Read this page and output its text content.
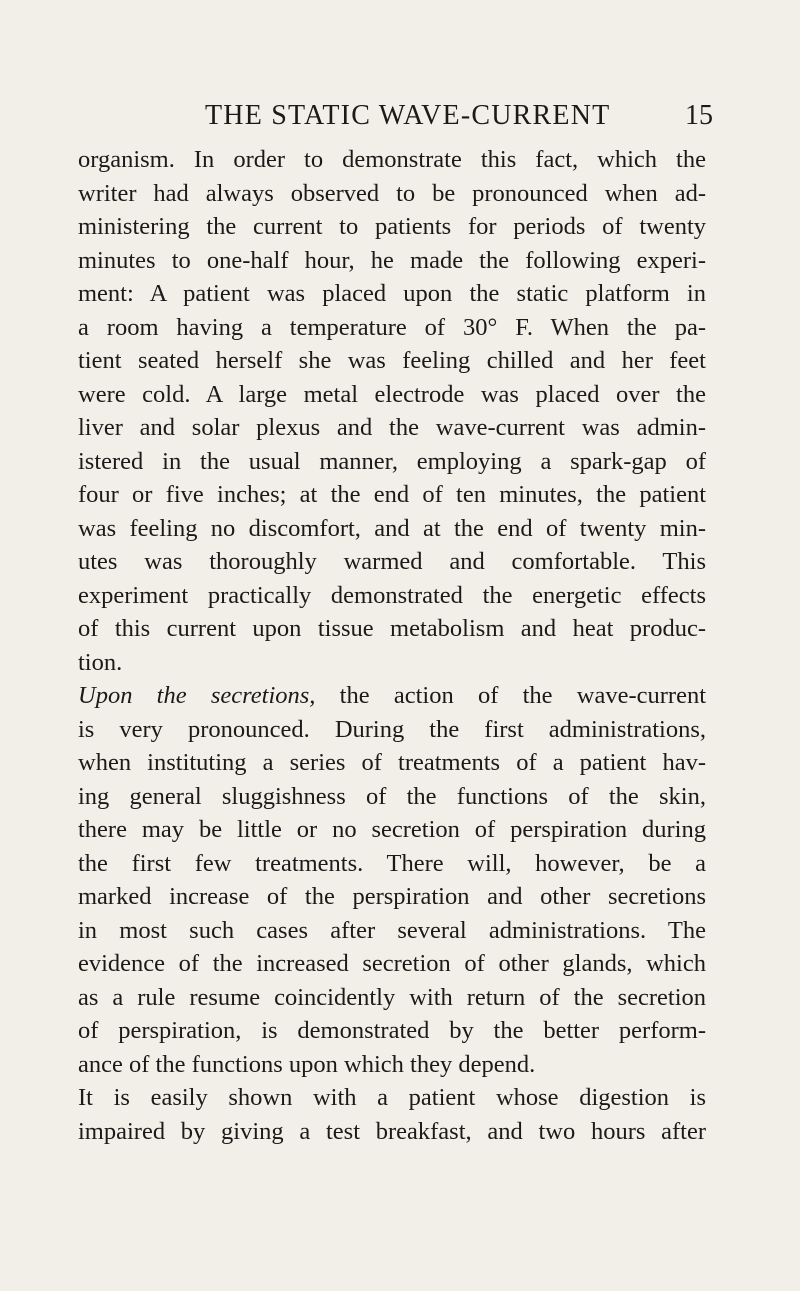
THE STATIC WAVE-CURRENT	15
organism. In order to demonstrate this fact, which the
writer had always observed to be pronounced when ad-
ministering the current to patients for periods of twenty
minutes to one-half hour, he made the following experi-
ment: A patient was placed upon the static platform in
a room having a temperature of 30° F. When the pa-
tient seated herself she was feeling chilled and her feet
were cold. A large metal electrode was placed over the
liver and solar plexus and the wave-current was admin-
istered in the usual manner, employing a spark-gap of
four or five inches; at the end of ten minutes, the patient
was feeling no discomfort, and at the end of twenty min-
utes was thoroughly warmed and comfortable. This
experiment practically demonstrated the energetic effects
of this current upon tissue metabolism and heat produc-
tion.
Upon the secretions, the action of the wave-current
is very pronounced. During the first administrations,
when instituting a series of treatments of a patient hav-
ing general sluggishness of the functions of the skin,
there may be little or no secretion of perspiration during
the first few treatments. There will, however, be a
marked increase of the perspiration and other secretions
in most such cases after several administrations. The
evidence of the increased secretion of other glands, which
as a rule resume coincidently with return of the secretion
of perspiration, is demonstrated by the better perform-
ance of the functions upon which they depend.
It is easily shown with a patient whose digestion is
impaired by giving a test breakfast, and two hours after
